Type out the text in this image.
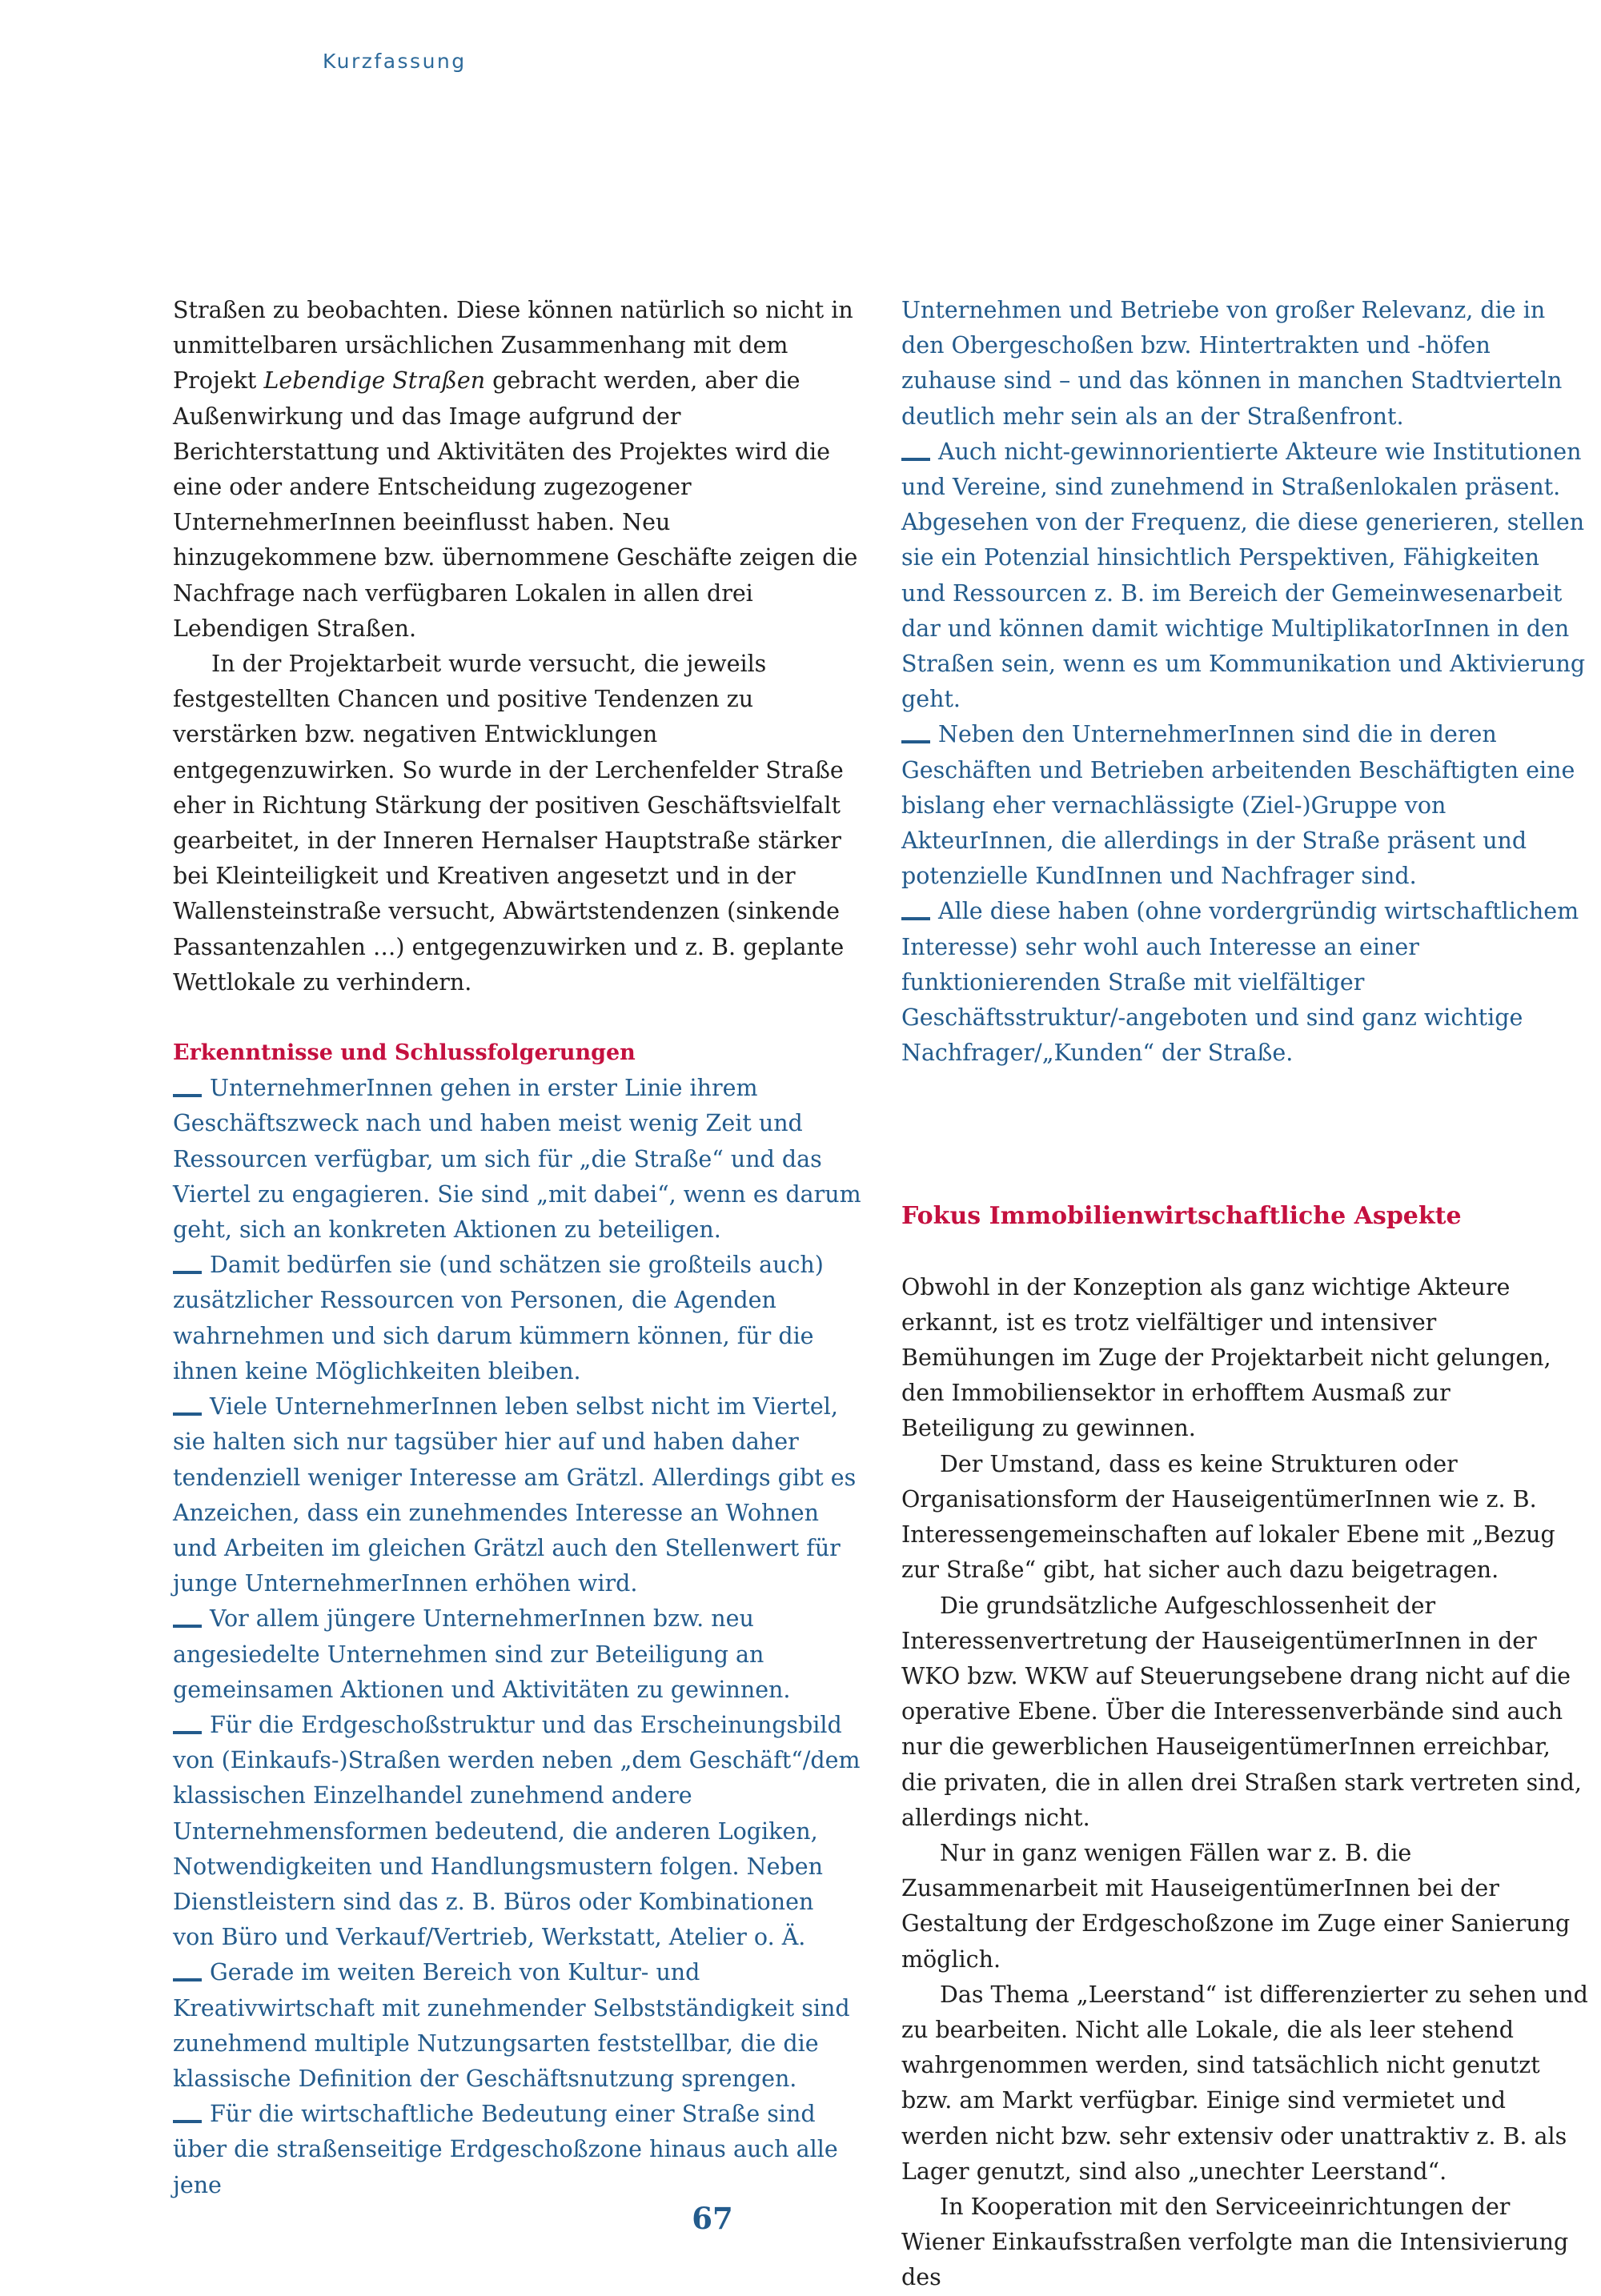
Kurzfassung

Straßen zu beobachten. Diese können natürlich so nicht in unmittelbaren ursächlichen Zusammenhang mit dem Projekt Lebendige Straßen gebracht werden, aber die Außenwirkung und das Image aufgrund der Berichterstattung und Aktivitäten des Projektes wird die eine oder andere Entscheidung zugezogener UnternehmerInnen beeinflusst haben. Neu hinzugekommene bzw. übernommene Geschäfte zeigen die Nachfrage nach verfügbaren Lokalen in allen drei Lebendigen Straßen.

In der Projektarbeit wurde versucht, die jeweils festgestellten Chancen und positive Tendenzen zu verstärken bzw. negativen Entwicklungen entgegenzuwirken. So wurde in der Lerchenfelder Straße eher in Richtung Stärkung der positiven Geschäftsvielfalt gearbeitet, in der Inneren Hernalser Hauptstraße stärker bei Kleinteiligkeit und Kreativen angesetzt und in der Wallensteinstraße versucht, Abwärtstendenzen (sinkende Passantenzahlen …) entgegenzuwirken und z. B. geplante Wettlokale zu verhindern.

Erkenntnisse und Schlussfolgerungen

UnternehmerInnen gehen in erster Linie ihrem Geschäftszweck nach und haben meist wenig Zeit und Ressourcen verfügbar, um sich für „die Straße“ und das Viertel zu engagieren. Sie sind „mit dabei“, wenn es darum geht, sich an konkreten Aktionen zu beteiligen.

Damit bedürfen sie (und schätzen sie großteils auch) zusätzlicher Ressourcen von Personen, die Agenden wahrnehmen und sich darum kümmern können, für die ihnen keine Möglichkeiten bleiben.

Viele UnternehmerInnen leben selbst nicht im Viertel, sie halten sich nur tagsüber hier auf und haben daher tendenziell weniger Interesse am Grätzl. Allerdings gibt es Anzeichen, dass ein zunehmendes Interesse an Wohnen und Arbeiten im gleichen Grätzl auch den Stellenwert für junge UnternehmerInnen erhöhen wird.

Vor allem jüngere UnternehmerInnen bzw. neu angesiedelte Unternehmen sind zur Beteiligung an gemeinsamen Aktionen und Aktivitäten zu gewinnen.

Für die Erdgeschoßstruktur und das Erscheinungsbild von (Einkaufs-)Straßen werden neben „dem Geschäft“/dem klassischen Einzelhandel zunehmend andere Unternehmensformen bedeutend, die anderen Logiken, Notwendigkeiten und Handlungsmustern folgen. Neben Dienstleistern sind das z. B. Büros oder Kombinationen von Büro und Verkauf/Vertrieb, Werkstatt, Atelier o. Ä.

Gerade im weiten Bereich von Kultur- und Kreativwirtschaft mit zunehmender Selbstständigkeit sind zunehmend multiple Nutzungsarten feststellbar, die die klassische Definition der Geschäftsnutzung sprengen.

Für die wirtschaftliche Bedeutung einer Straße sind über die straßenseitige Erdgeschoßzone hinaus auch alle jene

Unternehmen und Betriebe von großer Relevanz, die in den Obergeschoßen bzw. Hintertrakten und -höfen zuhause sind – und das können in manchen Stadtvierteln deutlich mehr sein als an der Straßenfront.

Auch nicht-gewinnorientierte Akteure wie Institutionen und Vereine, sind zunehmend in Straßenlokalen präsent. Abgesehen von der Frequenz, die diese generieren, stellen sie ein Potenzial hinsichtlich Perspektiven, Fähigkeiten und Ressourcen z. B. im Bereich der Gemeinwesenarbeit dar und können damit wichtige MultiplikatorInnen in den Straßen sein, wenn es um Kommunikation und Aktivierung geht.

Neben den UnternehmerInnen sind die in deren Geschäften und Betrieben arbeitenden Beschäftigten eine bislang eher vernachlässigte (Ziel-)Gruppe von AkteurInnen, die allerdings in der Straße präsent und potenzielle KundInnen und Nachfrager sind.

Alle diese haben (ohne vordergründig wirtschaftlichem Interesse) sehr wohl auch Interesse an einer funktionierenden Straße mit vielfältiger Geschäftsstruktur/-angeboten und sind ganz wichtige Nachfrager/„Kunden“ der Straße.

Fokus Immobilienwirtschaftliche Aspekte

Obwohl in der Konzeption als ganz wichtige Akteure erkannt, ist es trotz vielfältiger und intensiver Bemühungen im Zuge der Projektarbeit nicht gelungen, den Immobiliensektor in erhofftem Ausmaß zur Beteiligung zu gewinnen.

Der Umstand, dass es keine Strukturen oder Organisationsform der HauseigentümerInnen wie z. B. Interessengemeinschaften auf lokaler Ebene mit „Bezug zur Straße“ gibt, hat sicher auch dazu beigetragen.

Die grundsätzliche Aufgeschlossenheit der Interessenvertretung der HauseigentümerInnen in der WKO bzw. WKW auf Steuerungsebene drang nicht auf die operative Ebene. Über die Interessenverbände sind auch nur die gewerblichen HauseigentümerInnen erreichbar, die privaten, die in allen drei Straßen stark vertreten sind, allerdings nicht.

Nur in ganz wenigen Fällen war z. B. die Zusammenarbeit mit HauseigentümerInnen bei der Gestaltung der Erdgeschoßzone im Zuge einer Sanierung möglich.

Das Thema „Leerstand“ ist differenzierter zu sehen und zu bearbeiten. Nicht alle Lokale, die als leer stehend wahrgenommen werden, sind tatsächlich nicht genutzt bzw. am Markt verfügbar. Einige sind vermietet und werden nicht bzw. sehr extensiv oder unattraktiv z. B. als Lager genutzt, sind also „unechter Leerstand“.

In Kooperation mit den Serviceeinrichtungen der Wiener Einkaufsstraßen verfolgte man die Intensivierung des

67
